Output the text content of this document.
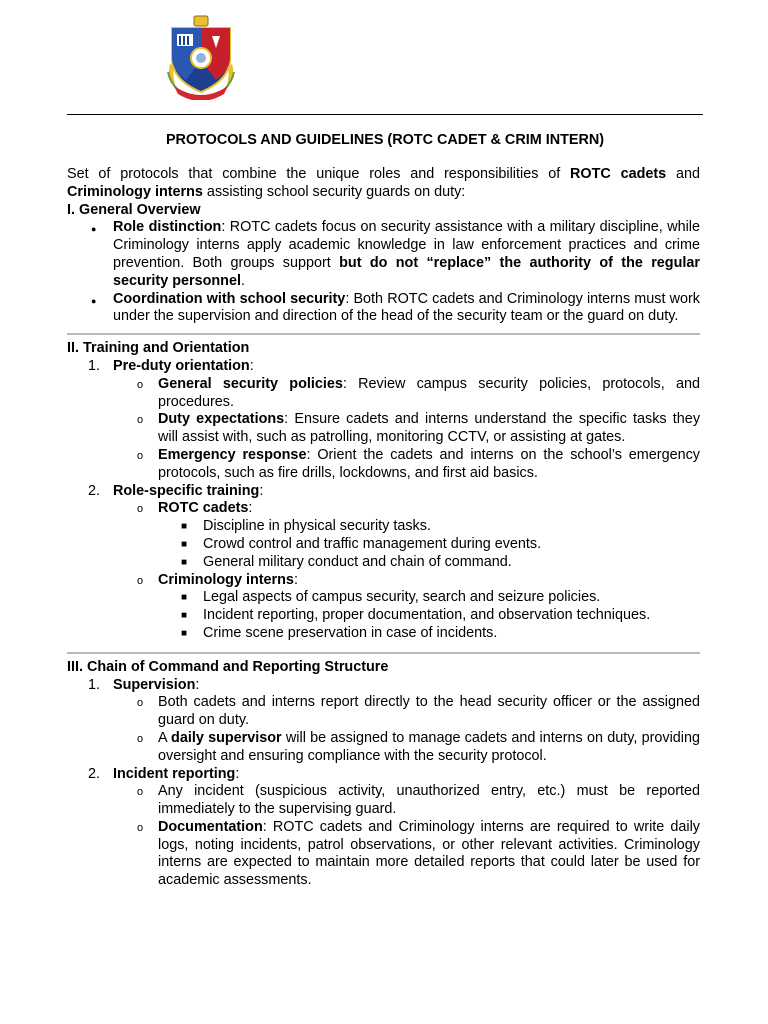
PROTOCOLS AND GUIDELINES (ROTC CADET & CRIM INTERN)

Set of protocols that combine the unique roles and responsibilities of ROTC cadets and Criminology interns assisting school security guards on duty:

I. General Overview
● Role distinction: ROTC cadets focus on security assistance with a military discipline, while Criminology interns apply academic knowledge in law enforcement practices and crime prevention. Both groups support but do not “replace” the authority of the regular security personnel.
● Coordination with school security: Both ROTC cadets and Criminology interns must work under the supervision and direction of the head of the security team or the guard on duty.
II. Training and Orientation
1. Pre-duty orientation:
o General security policies: Review campus security policies, protocols, and procedures.
o Duty expectations: Ensure cadets and interns understand the specific tasks they will assist with, such as patrolling, monitoring CCTV, or assisting at gates.
o Emergency response: Orient the cadets and interns on the school’s emergency protocols, such as fire drills, lockdowns, and first aid basics.
2. Role-specific training:
o ROTC cadets:
■ Discipline in physical security tasks.
■ Crowd control and traffic management during events.
■ General military conduct and chain of command.
o Criminology interns:
■ Legal aspects of campus security, search and seizure policies.
■ Incident reporting, proper documentation, and observation techniques.
■ Crime scene preservation in case of incidents.
III. Chain of Command and Reporting Structure
1. Supervision:
o Both cadets and interns report directly to the head security officer or the assigned guard on duty.
o A daily supervisor will be assigned to manage cadets and interns on duty, providing oversight and ensuring compliance with the security protocol.
2. Incident reporting:
o Any incident (suspicious activity, unauthorized entry, etc.) must be reported immediately to the supervising guard.
o Documentation: ROTC cadets and Criminology interns are required to write daily logs, noting incidents, patrol observations, or other relevant activities. Criminology interns are expected to maintain more detailed reports that could later be used for academic assessments.
